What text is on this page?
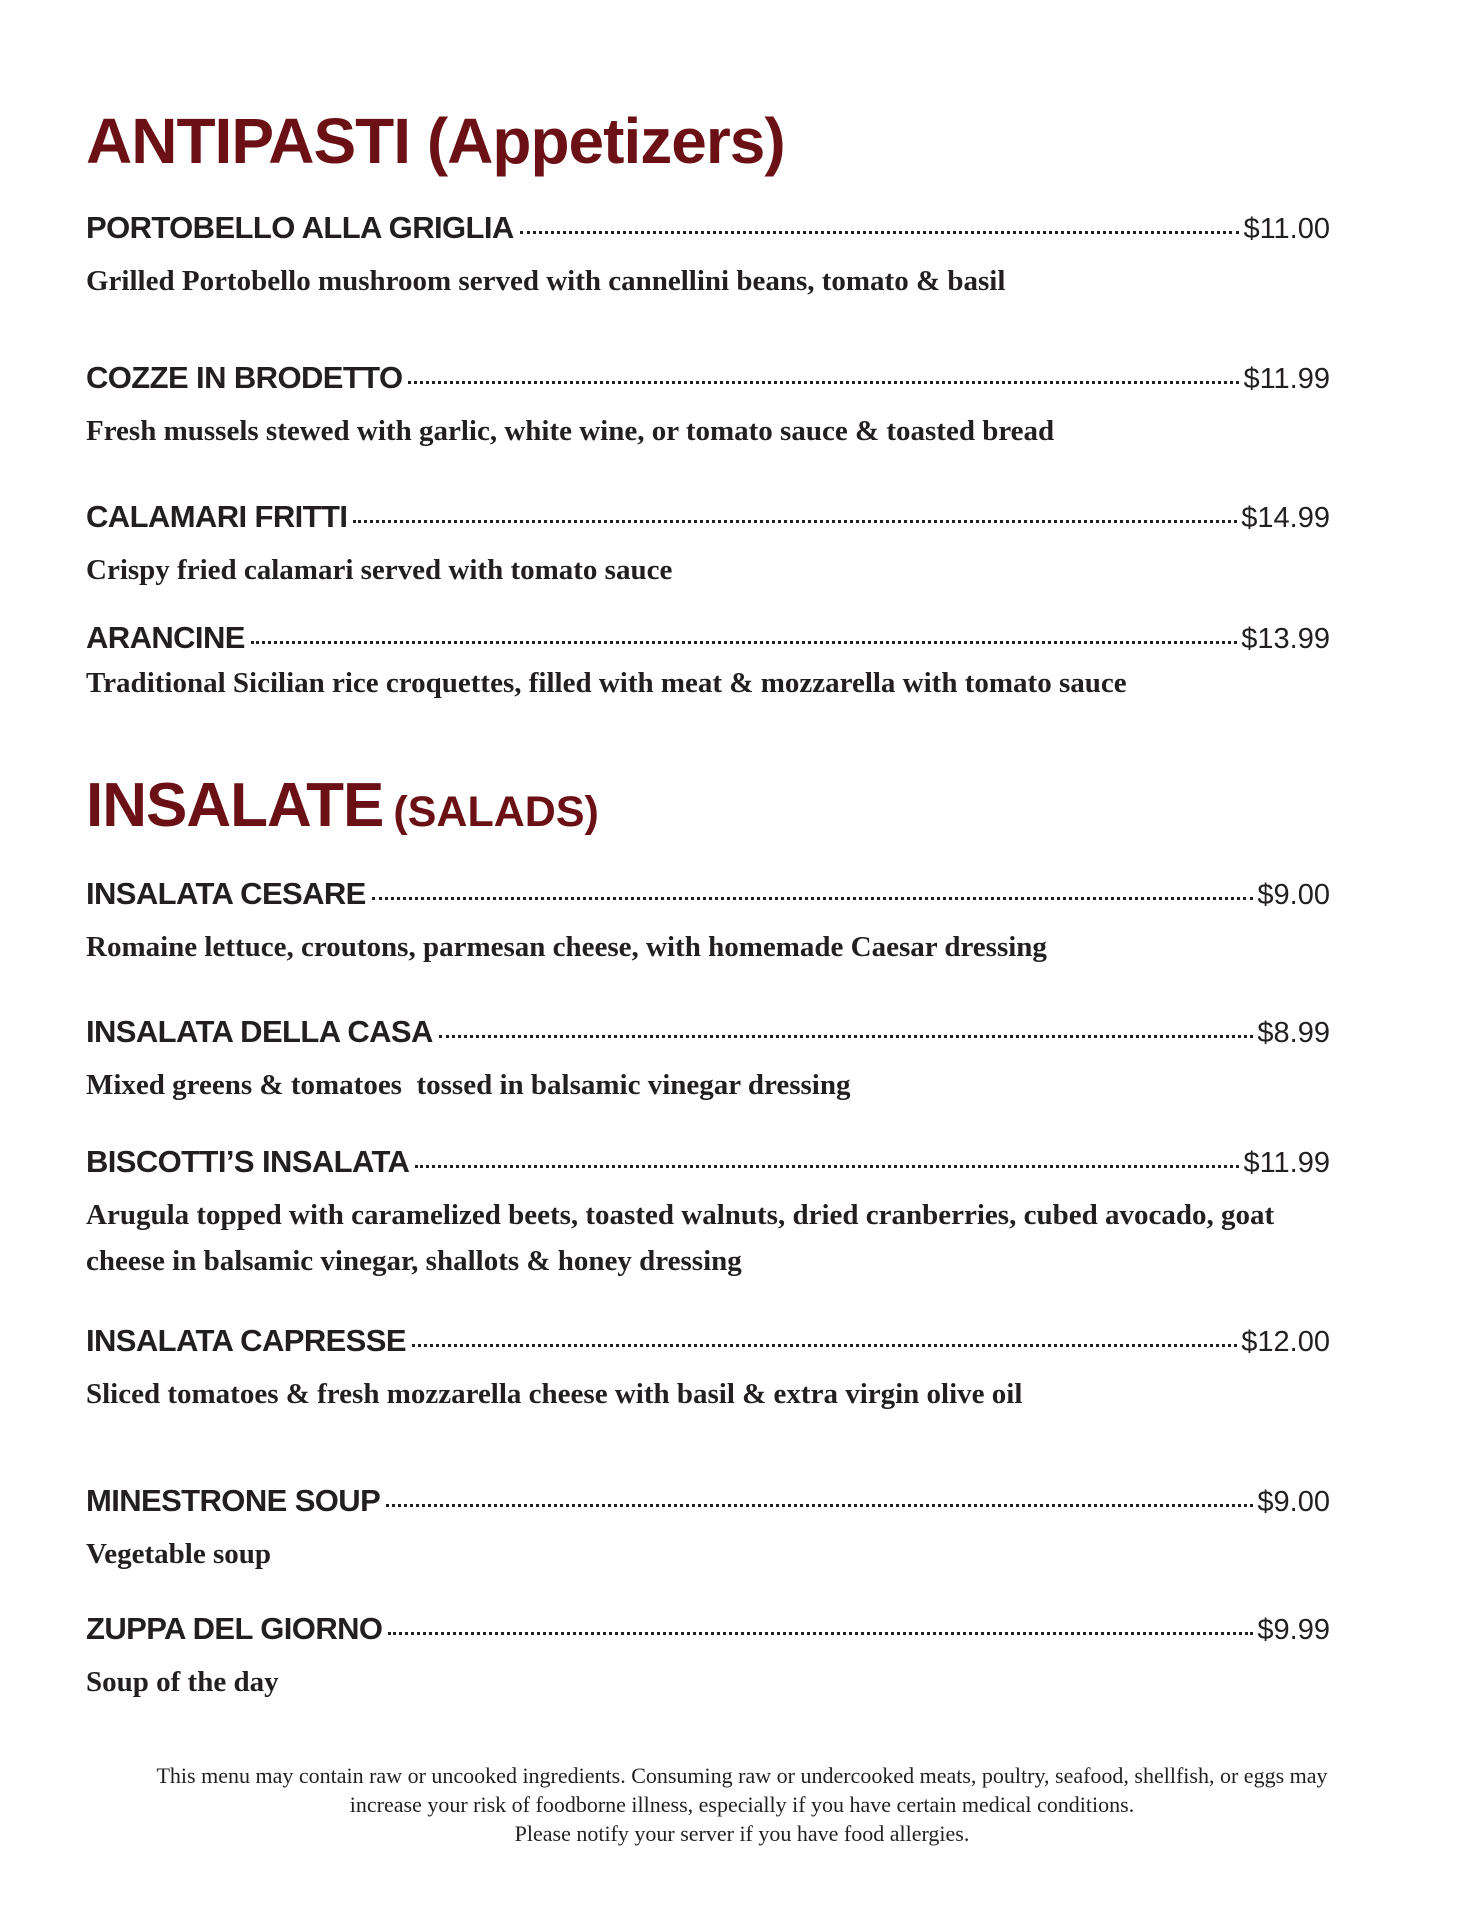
ANTIPASTI (Appetizers)
PORTOBELLO ALLA GRIGLIA	$11.00

Grilled Portobello mushroom served with cannellini beans, tomato & basil

COZZE IN BRODETTO	$11.99

Fresh mussels stewed with garlic, white wine, or tomato sauce & toasted bread

CALAMARI FRITTI	$14.99

Crispy fried calamari served with tomato sauce

ARANCINE	$13.99

Traditional Sicilian rice croquettes, filled with meat & mozzarella with tomato sauce

INSALATE (SALADS)
INSALATA CESARE	$9.00

Romaine lettuce, croutons, parmesan cheese, with homemade Caesar dressing

INSALATA DELLA CASA	$8.99

Mixed greens & tomatoes  tossed in balsamic vinegar dressing

BISCOTTI’S INSALATA	$11.99

Arugula topped with caramelized beets, toasted walnuts, dried cranberries, cubed avocado, goat cheese in balsamic vinegar, shallots & honey dressing

INSALATA CAPRESSE	$12.00

Sliced tomatoes & fresh mozzarella cheese with basil & extra virgin olive oil

MINESTRONE SOUP	$9.00

Vegetable soup

ZUPPA DEL GIORNO	$9.99

Soup of the day

This menu may contain raw or uncooked ingredients. Consuming raw or undercooked meats, poultry, seafood, shellfish, or eggs may

increase your risk of foodborne illness, especially if you have certain medical conditions.

Please notify your server if you have food allergies.
